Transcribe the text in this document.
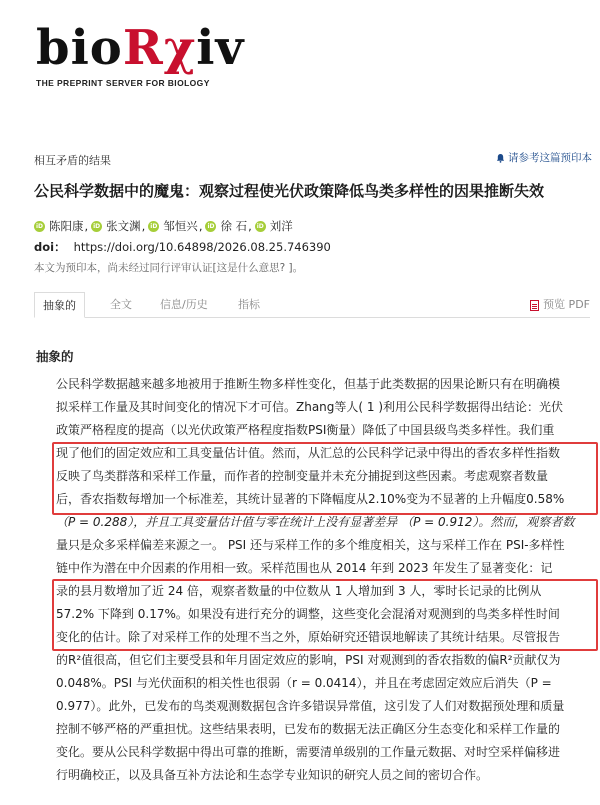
bioRχiv
THE PREPRINT SERVER FOR BIOLOGY
相互矛盾的结果	请参考这篇预印本
公民科学数据中的魔鬼：观察过程使光伏政策降低鸟类多样性的因果推断失效
iD 陈阳康 , iD 张文渊 , iD 邹恒兴 , iD 徐 石 , iD 刘洋
doi： https://doi.org/10.64898/2026.08.25.746390
本文为预印本，尚未经过同行评审认证[这是什么意思? ]。
抽象的	全文	信息/历史	指标	预览 PDF
抽象的
公民科学数据越来越多地被用于推断生物多样性变化，但基于此类数据的因果论断只有在明确模
拟采样工作量及其时间变化的情况下才可信。Zhang等人( 1 )利用公民科学数据得出结论：光伏
政策严格程度的提高（以光伏政策严格程度指数PSI衡量）降低了中国县级鸟类多样性。我们重
现了他们的固定效应和工具变量估计值。然而，从汇总的公民科学记录中得出的香农多样性指数
反映了鸟类群落和采样工作量，而作者的控制变量并未充分捕捉到这些因素。考虑观察者数量
后，香农指数每增加一个标准差，其统计显著的下降幅度从2.10%变为不显著的上升幅度0.58%
（P = 0.288），并且工具变量估计值与零在统计上没有显著差异 （P = 0.912）。然而，观察者数
量只是众多采样偏差来源之一。 PSI 还与采样工作的多个维度相关，这与采样工作在 PSI-多样性
链中作为潜在中介因素的作用相一致。采样范围也从 2014 年到 2023 年发生了显著变化：记
录的县月数增加了近 24 倍，观察者数量的中位数从 1 人增加到 3 人，零时长记录的比例从
57.2% 下降到 0.17%。如果没有进行充分的调整，这些变化会混淆对观测到的鸟类多样性时间
变化的估计。除了对采样工作的处理不当之外，原始研究还错误地解读了其统计结果。尽管报告
的R²值很高，但它们主要受县和年月固定效应的影响，PSI 对观测到的香农指数的偏R²贡献仅为
0.048%。PSI 与光伏面积的相关性也很弱（r = 0.0414），并且在考虑固定效应后消失（P =
0.977）。此外，已发布的鸟类观测数据包含许多错误异常值，这引发了人们对数据预处理和质量
控制不够严格的严重担忧。这些结果表明，已发布的数据无法正确区分生态变化和采样工作量的
变化。要从公民科学数据中得出可靠的推断，需要清单级别的工作量元数据、对时空采样偏移进
行明确校正，以及具备互补方法论和生态学专业知识的研究人员之间的密切合作。
